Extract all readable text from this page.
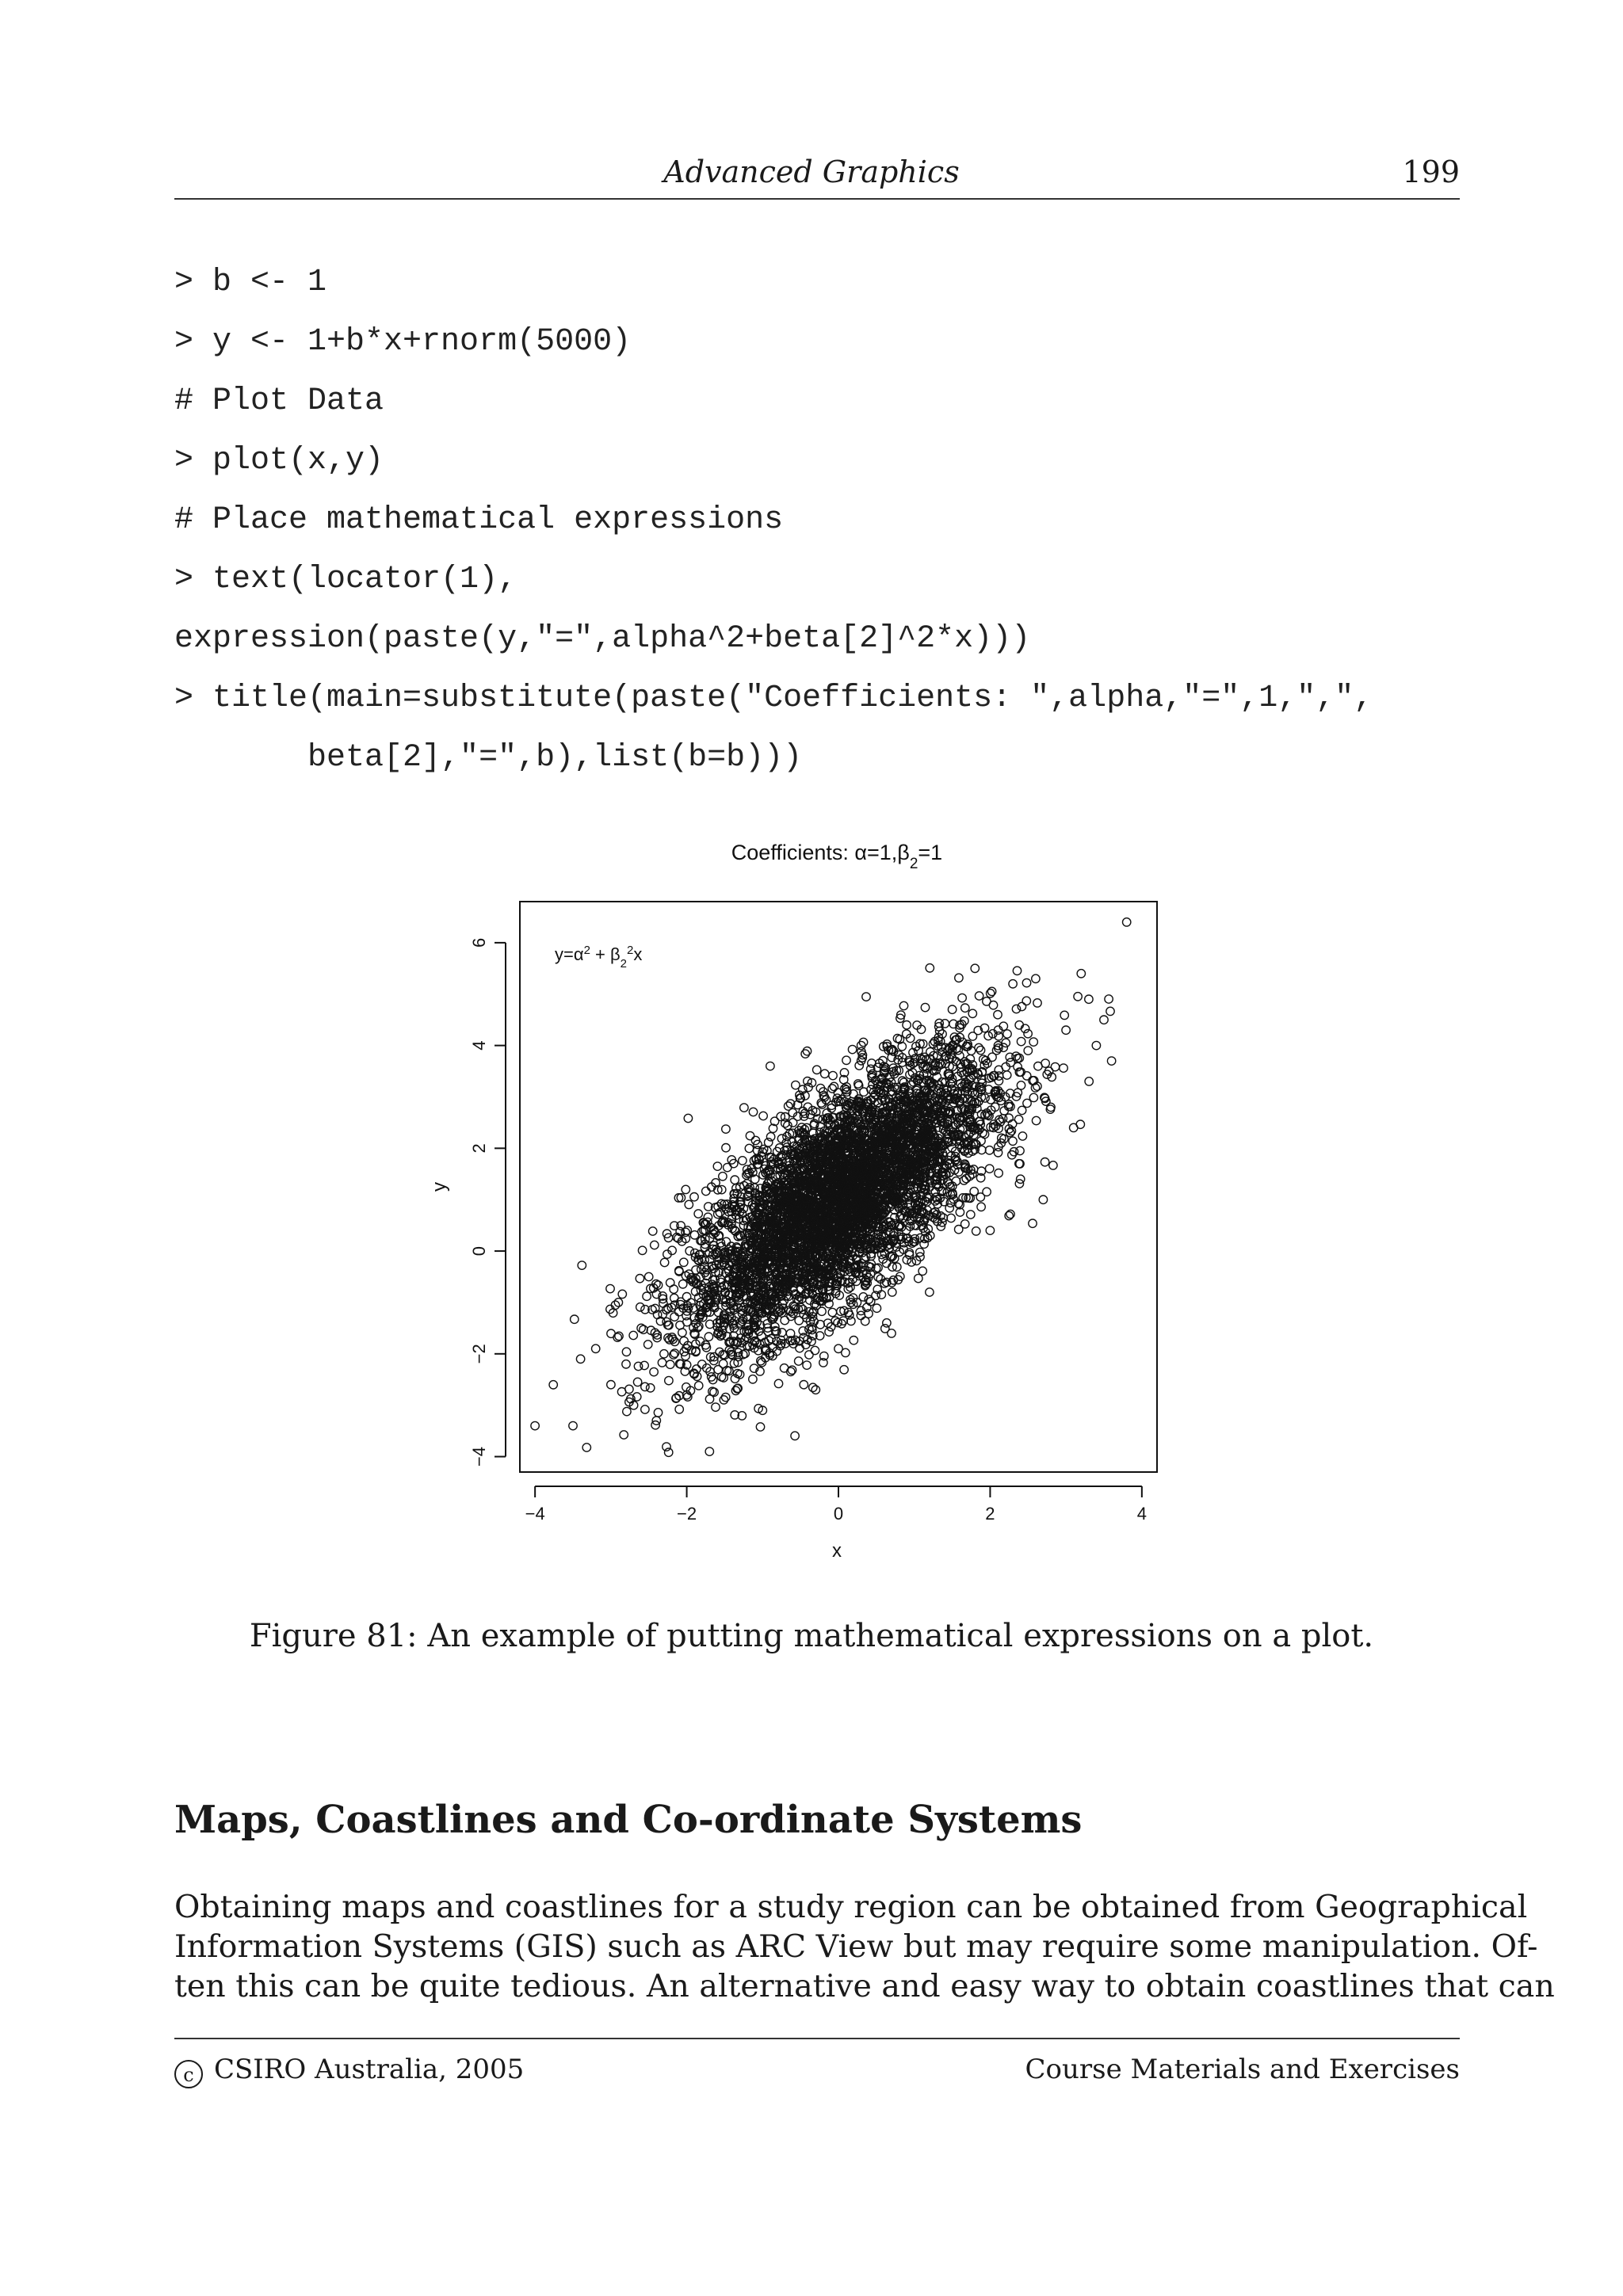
Advanced Graphics	199
> b <- 1
> y <- 1+b*x+rnorm(5000)
# Plot Data
> plot(x,y)
# Place mathematical expressions
> text(locator(1),
expression(paste(y,"=",alpha^2+beta[2]^2*x)))
> title(main=substitute(paste("Coefficients: ",alpha,"=",1,",",
beta[2],"=",b),list(b=b)))
Coefficients: $\alpha=1,\beta_2=1$
−4
−2
0
2
4
6
−4	−2	0	2	4
$y=\alpha^2 + \beta_2^2x$
x
y
Figure 81: An example of putting mathematical expressions on a plot.
Maps, Coastlines and Co-ordinate Systems
Obtaining maps and coastlines for a study region can be obtained from Geographical
Information Systems (GIS) such as ARC View but may require some manipulation. Of-
ten this can be quite tedious. An alternative and easy way to obtain coastlines that can
c CSIRO Australia, 2005	Course Materials and Exercises
